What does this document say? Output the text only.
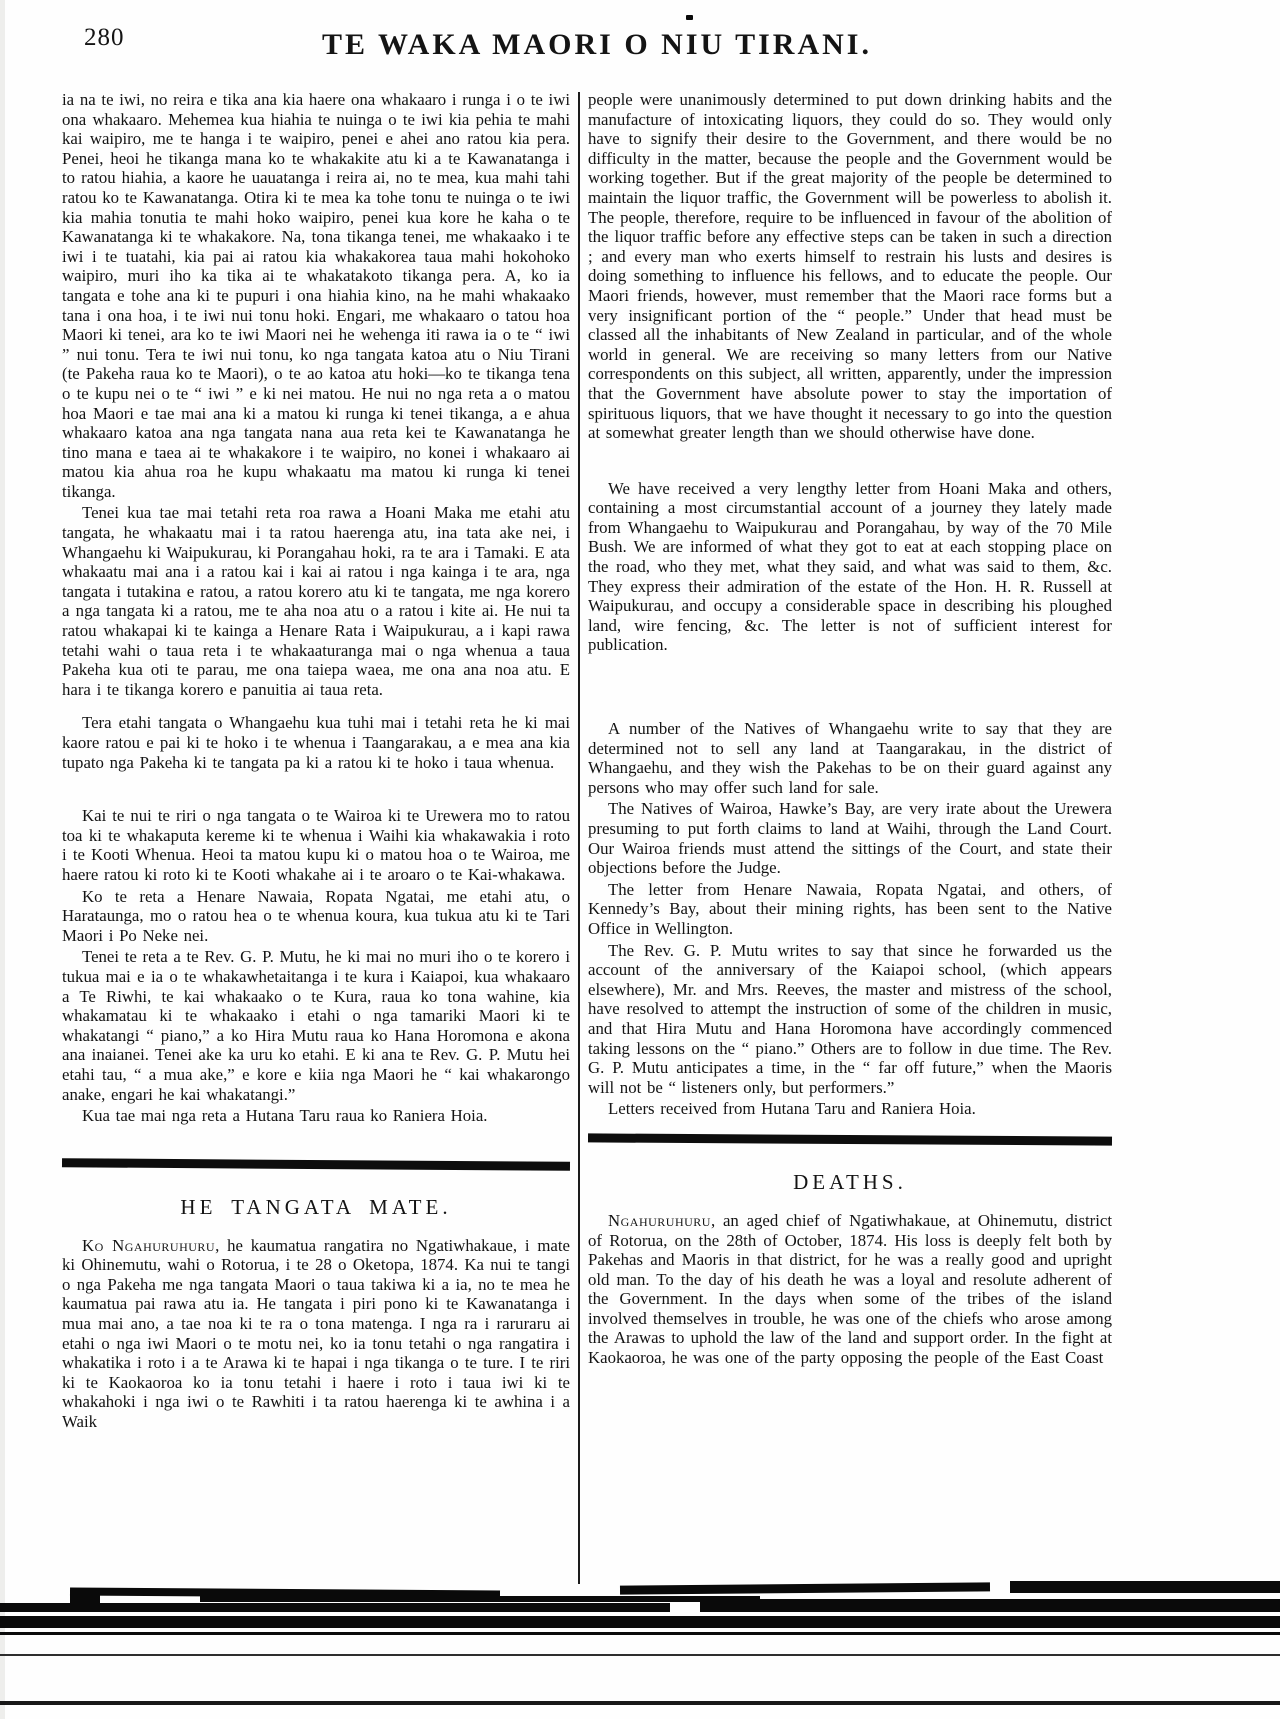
280	TE WAKA MAORI O NIU TIRANI.

ia na te iwi, no reira e tika ana kia haere ona whakaaro i runga i o te iwi ona whakaaro. Mehemea kua hiahia te nuinga o te iwi kia pehia te mahi kai waipiro, me te hanga i te waipiro, penei e ahei ano ratou kia pera. Penei, heoi he tikanga mana ko te whakakite atu ki a te Kawanatanga i to ratou hiahia, a kaore he uauatanga i reira ai, no te mea, kua mahi tahi ratou ko te Kawanatanga. Otira ki te mea ka tohe tonu te nuinga o te iwi kia mahia tonutia te mahi hoko waipiro, penei kua kore he kaha o te Kawanatanga ki te whakakore. Na, tona tikanga tenei, me whakaako i te iwi i te tuatahi, kia pai ai ratou kia whakakorea taua mahi hokohoko waipiro, muri iho ka tika ai te whakatakoto tikanga pera. A, ko ia tangata e tohe ana ki te pupuri i ona hiahia kino, na he mahi whakaako tana i ona hoa, i te iwi nui tonu hoki. Engari, me whakaaro o tatou hoa Maori ki tenei, ara ko te iwi Maori nei he wehenga iti rawa ia o te “ iwi ” nui tonu. Tera te iwi nui tonu, ko nga tangata katoa atu o Niu Tirani (te Pakeha raua ko te Maori), o te ao katoa atu hoki—ko te tikanga tena o te kupu nei o te “ iwi ” e ki nei matou. He nui no nga reta a o matou hoa Maori e tae mai ana ki a matou ki runga ki tenei tikanga, a e ahua whakaaro katoa ana nga tangata nana aua reta kei te Kawanatanga he tino mana e taea ai te whakakore i te waipiro, no konei i whakaaro ai matou kia ahua roa he kupu whakaatu ma matou ki runga ki tenei tikanga.

Tenei kua tae mai tetahi reta roa rawa a Hoani Maka me etahi atu tangata, he whakaatu mai i ta ratou haerenga atu, ina tata ake nei, i Whangaehu ki Waipukurau, ki Porangahau hoki, ra te ara i Tamaki. E ata whakaatu mai ana i a ratou kai i kai ai ratou i nga kainga i te ara, nga tangata i tutakina e ratou, a ratou korero atu ki te tangata, me nga korero a nga tangata ki a ratou, me te aha noa atu o a ratou i kite ai. He nui ta ratou whakapai ki te kainga a Henare Rata i Waipukurau, a i kapi rawa tetahi wahi o taua reta i te whakaaturanga mai o nga whenua a taua Pakeha kua oti te parau, me ona taiepa waea, me ona ana noa atu. E hara i te tikanga korero e panuitia ai taua reta.

Tera etahi tangata o Whangaehu kua tuhi mai i tetahi reta he ki mai kaore ratou e pai ki te hoko i te whenua i Taangarakau, a e mea ana kia tupato nga Pakeha ki te tangata pa ki a ratou ki te hoko i taua whenua.

Kai te nui te riri o nga tangata o te Wairoa ki te Urewera mo to ratou toa ki te whakaputa kereme ki te whenua i Waihi kia whakawakia i roto i te Kooti Whenua. Heoi ta matou kupu ki o matou hoa o te Wairoa, me haere ratou ki roto ki te Kooti whakahe ai i te aroaro o te Kai-whakawa.

Ko te reta a Henare Nawaia, Ropata Ngatai, me etahi atu, o Harataunga, mo o ratou hea o te whenua koura, kua tukua atu ki te Tari Maori i Po Neke nei.

Tenei te reta a te Rev. G. P. Mutu, he ki mai no muri iho o te korero i tukua mai e ia o te whakawhetaitanga i te kura i Kaiapoi, kua whakaaro a Te Riwhi, te kai whakaako o te Kura, raua ko tona wahine, kia whakamatau ki te whakaako i etahi o nga tamariki Maori ki te whakatangi “ piano,” a ko Hira Mutu raua ko Hana Horomona e akona ana inaianei. Tenei ake ka uru ko etahi. E ki ana te Rev. G. P. Mutu hei etahi tau, “ a mua ake,” e kore e kiia nga Maori he “ kai whakarongo anake, engari he kai whakatangi.”

Kua tae mai nga reta a Hutana Taru raua ko Raniera Hoia.

HE TANGATA MATE.

Ko Ngahuruhuru, he kaumatua rangatira no Ngatiwhakaue, i mate ki Ohinemutu, wahi o Rotorua, i te 28 o Oketopa, 1874. Ka nui te tangi o nga Pakeha me nga tangata Maori o taua takiwa ki a ia, no te mea he kaumatua pai rawa atu ia. He tangata i piri pono ki te Kawanatanga i mua mai ano, a tae noa ki te ra o tona matenga. I nga ra i raruraru ai etahi o nga iwi Maori o te motu nei, ko ia tonu tetahi o nga rangatira i whakatika i roto i a te Arawa ki te hapai i nga tikanga o te ture. I te riri ki te Kaokaoroa ko ia tonu tetahi i haere i roto i taua iwi ki te whakahoki i nga iwi o te Rawhiti i ta ratou haerenga ki te awhina i a Waik

people were unanimously determined to put down drinking habits and the manufacture of intoxicating liquors, they could do so. They would only have to signify their desire to the Government, and there would be no difficulty in the matter, because the people and the Government would be working together. But if the great majority of the people be determined to maintain the liquor traffic, the Government will be powerless to abolish it. The people, therefore, require to be influenced in favour of the abolition of the liquor traffic before any effective steps can be taken in such a direction ; and every man who exerts himself to restrain his lusts and desires is doing something to influence his fellows, and to educate the people. Our Maori friends, however, must remember that the Maori race forms but a very insignificant portion of the “ people.” Under that head must be classed all the inhabitants of New Zealand in particular, and of the whole world in general. We are receiving so many letters from our Native correspondents on this subject, all written, apparently, under the impression that the Government have absolute power to stay the importation of spirituous liquors, that we have thought it necessary to go into the question at somewhat greater length than we should otherwise have done.

We have received a very lengthy letter from Hoani Maka and others, containing a most circumstantial account of a journey they lately made from Whangaehu to Waipukurau and Porangahau, by way of the 70 Mile Bush. We are informed of what they got to eat at each stopping place on the road, who they met, what they said, and what was said to them, &c. They express their admiration of the estate of the Hon. H. R. Russell at Waipukurau, and occupy a considerable space in describing his ploughed land, wire fencing, &c. The letter is not of sufficient interest for publication.

A number of the Natives of Whangaehu write to say that they are determined not to sell any land at Taangarakau, in the district of Whangaehu, and they wish the Pakehas to be on their guard against any persons who may offer such land for sale.

The Natives of Wairoa, Hawke’s Bay, are very irate about the Urewera presuming to put forth claims to land at Waihi, through the Land Court. Our Wairoa friends must attend the sittings of the Court, and state their objections before the Judge.

The letter from Henare Nawaia, Ropata Ngatai, and others, of Kennedy’s Bay, about their mining rights, has been sent to the Native Office in Wellington.

The Rev. G. P. Mutu writes to say that since he forwarded us the account of the anniversary of the Kaiapoi school, (which appears elsewhere), Mr. and Mrs. Reeves, the master and mistress of the school, have resolved to attempt the instruction of some of the children in music, and that Hira Mutu and Hana Horomona have accordingly commenced taking lessons on the “ piano.” Others are to follow in due time. The Rev. G. P. Mutu anticipates a time, in the “ far off future,” when the Maoris will not be “ listeners only, but performers.”

Letters received from Hutana Taru and Raniera Hoia.

DEATHS.

Ngahuruhuru, an aged chief of Ngatiwhakaue, at Ohinemutu, district of Rotorua, on the 28th of October, 1874. His loss is deeply felt both by Pakehas and Maoris in that district, for he was a really good and upright old man. To the day of his death he was a loyal and resolute adherent of the Government. In the days when some of the tribes of the island involved themselves in trouble, he was one of the chiefs who arose among the Arawas to uphold the law of the land and support order. In the fight at Kaokaoroa, he was one of the party opposing the people of the East Coast
